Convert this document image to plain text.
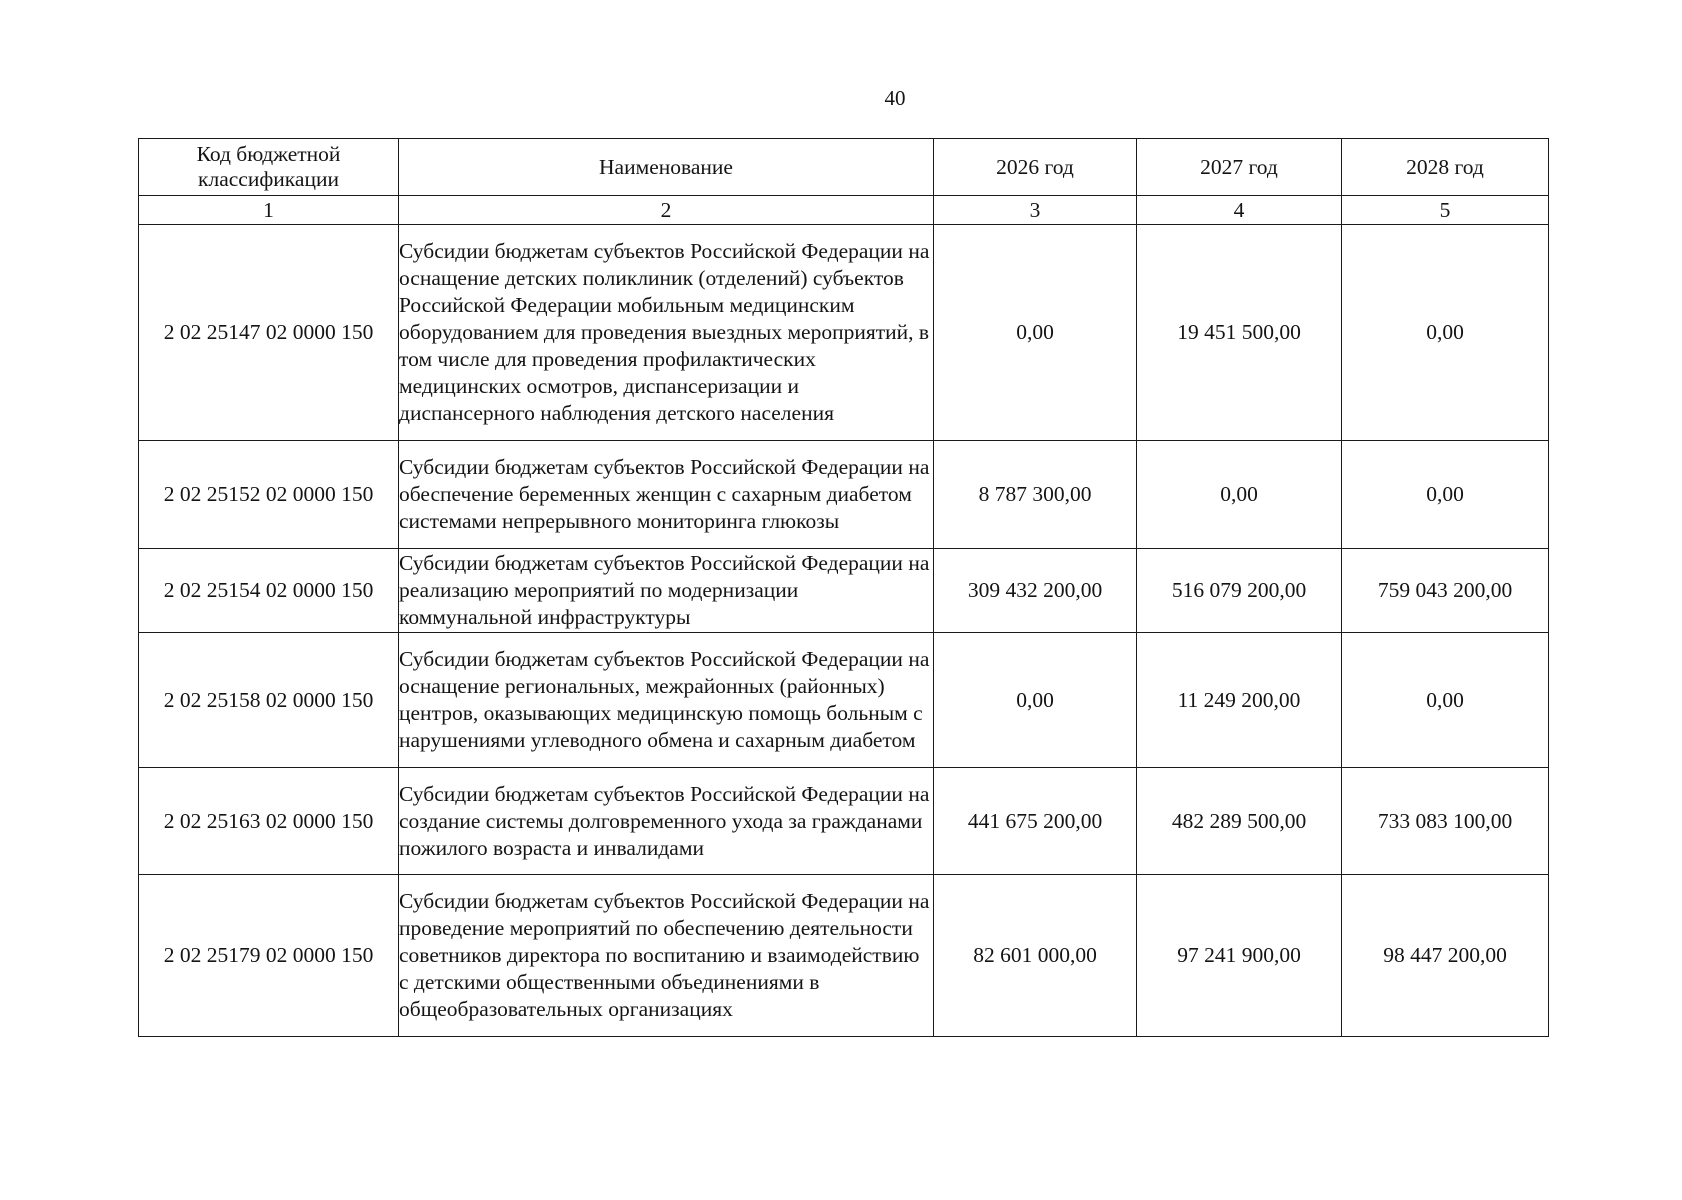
40
Код бюджетной классификации	Наименование	2026 год	2027 год	2028 год
1	2	3	4	5
2 02 25147 02 0000 150	Субсидии бюджетам субъектов Российской Федерации на оснащение детских поликлиник (отделений) субъектов Российской Федерации мобильным медицинским оборудованием для проведения выездных мероприятий, в том числе для проведения профилактических медицинских осмотров, диспансеризации и диспансерного наблюдения детского населения	0,00	19 451 500,00	0,00
2 02 25152 02 0000 150	Субсидии бюджетам субъектов Российской Федерации на обеспечение беременных женщин с сахарным диабетом системами непрерывного мониторинга глюкозы	8 787 300,00	0,00	0,00
2 02 25154 02 0000 150	Субсидии бюджетам субъектов Российской Федерации на реализацию мероприятий по модернизации коммунальной инфраструктуры	309 432 200,00	516 079 200,00	759 043 200,00
2 02 25158 02 0000 150	Субсидии бюджетам субъектов Российской Федерации на оснащение региональных, межрайонных (районных) центров, оказывающих медицинскую помощь больным с нарушениями углеводного обмена и сахарным диабетом	0,00	11 249 200,00	0,00
2 02 25163 02 0000 150	Субсидии бюджетам субъектов Российской Федерации на создание системы долговременного ухода за гражданами пожилого возраста и инвалидами	441 675 200,00	482 289 500,00	733 083 100,00
2 02 25179 02 0000 150	Субсидии бюджетам субъектов Российской Федерации на проведение мероприятий по обеспечению деятельности советников директора по воспитанию и взаимодействию с детскими общественными объединениями в общеобразовательных организациях	82 601 000,00	97 241 900,00	98 447 200,00
